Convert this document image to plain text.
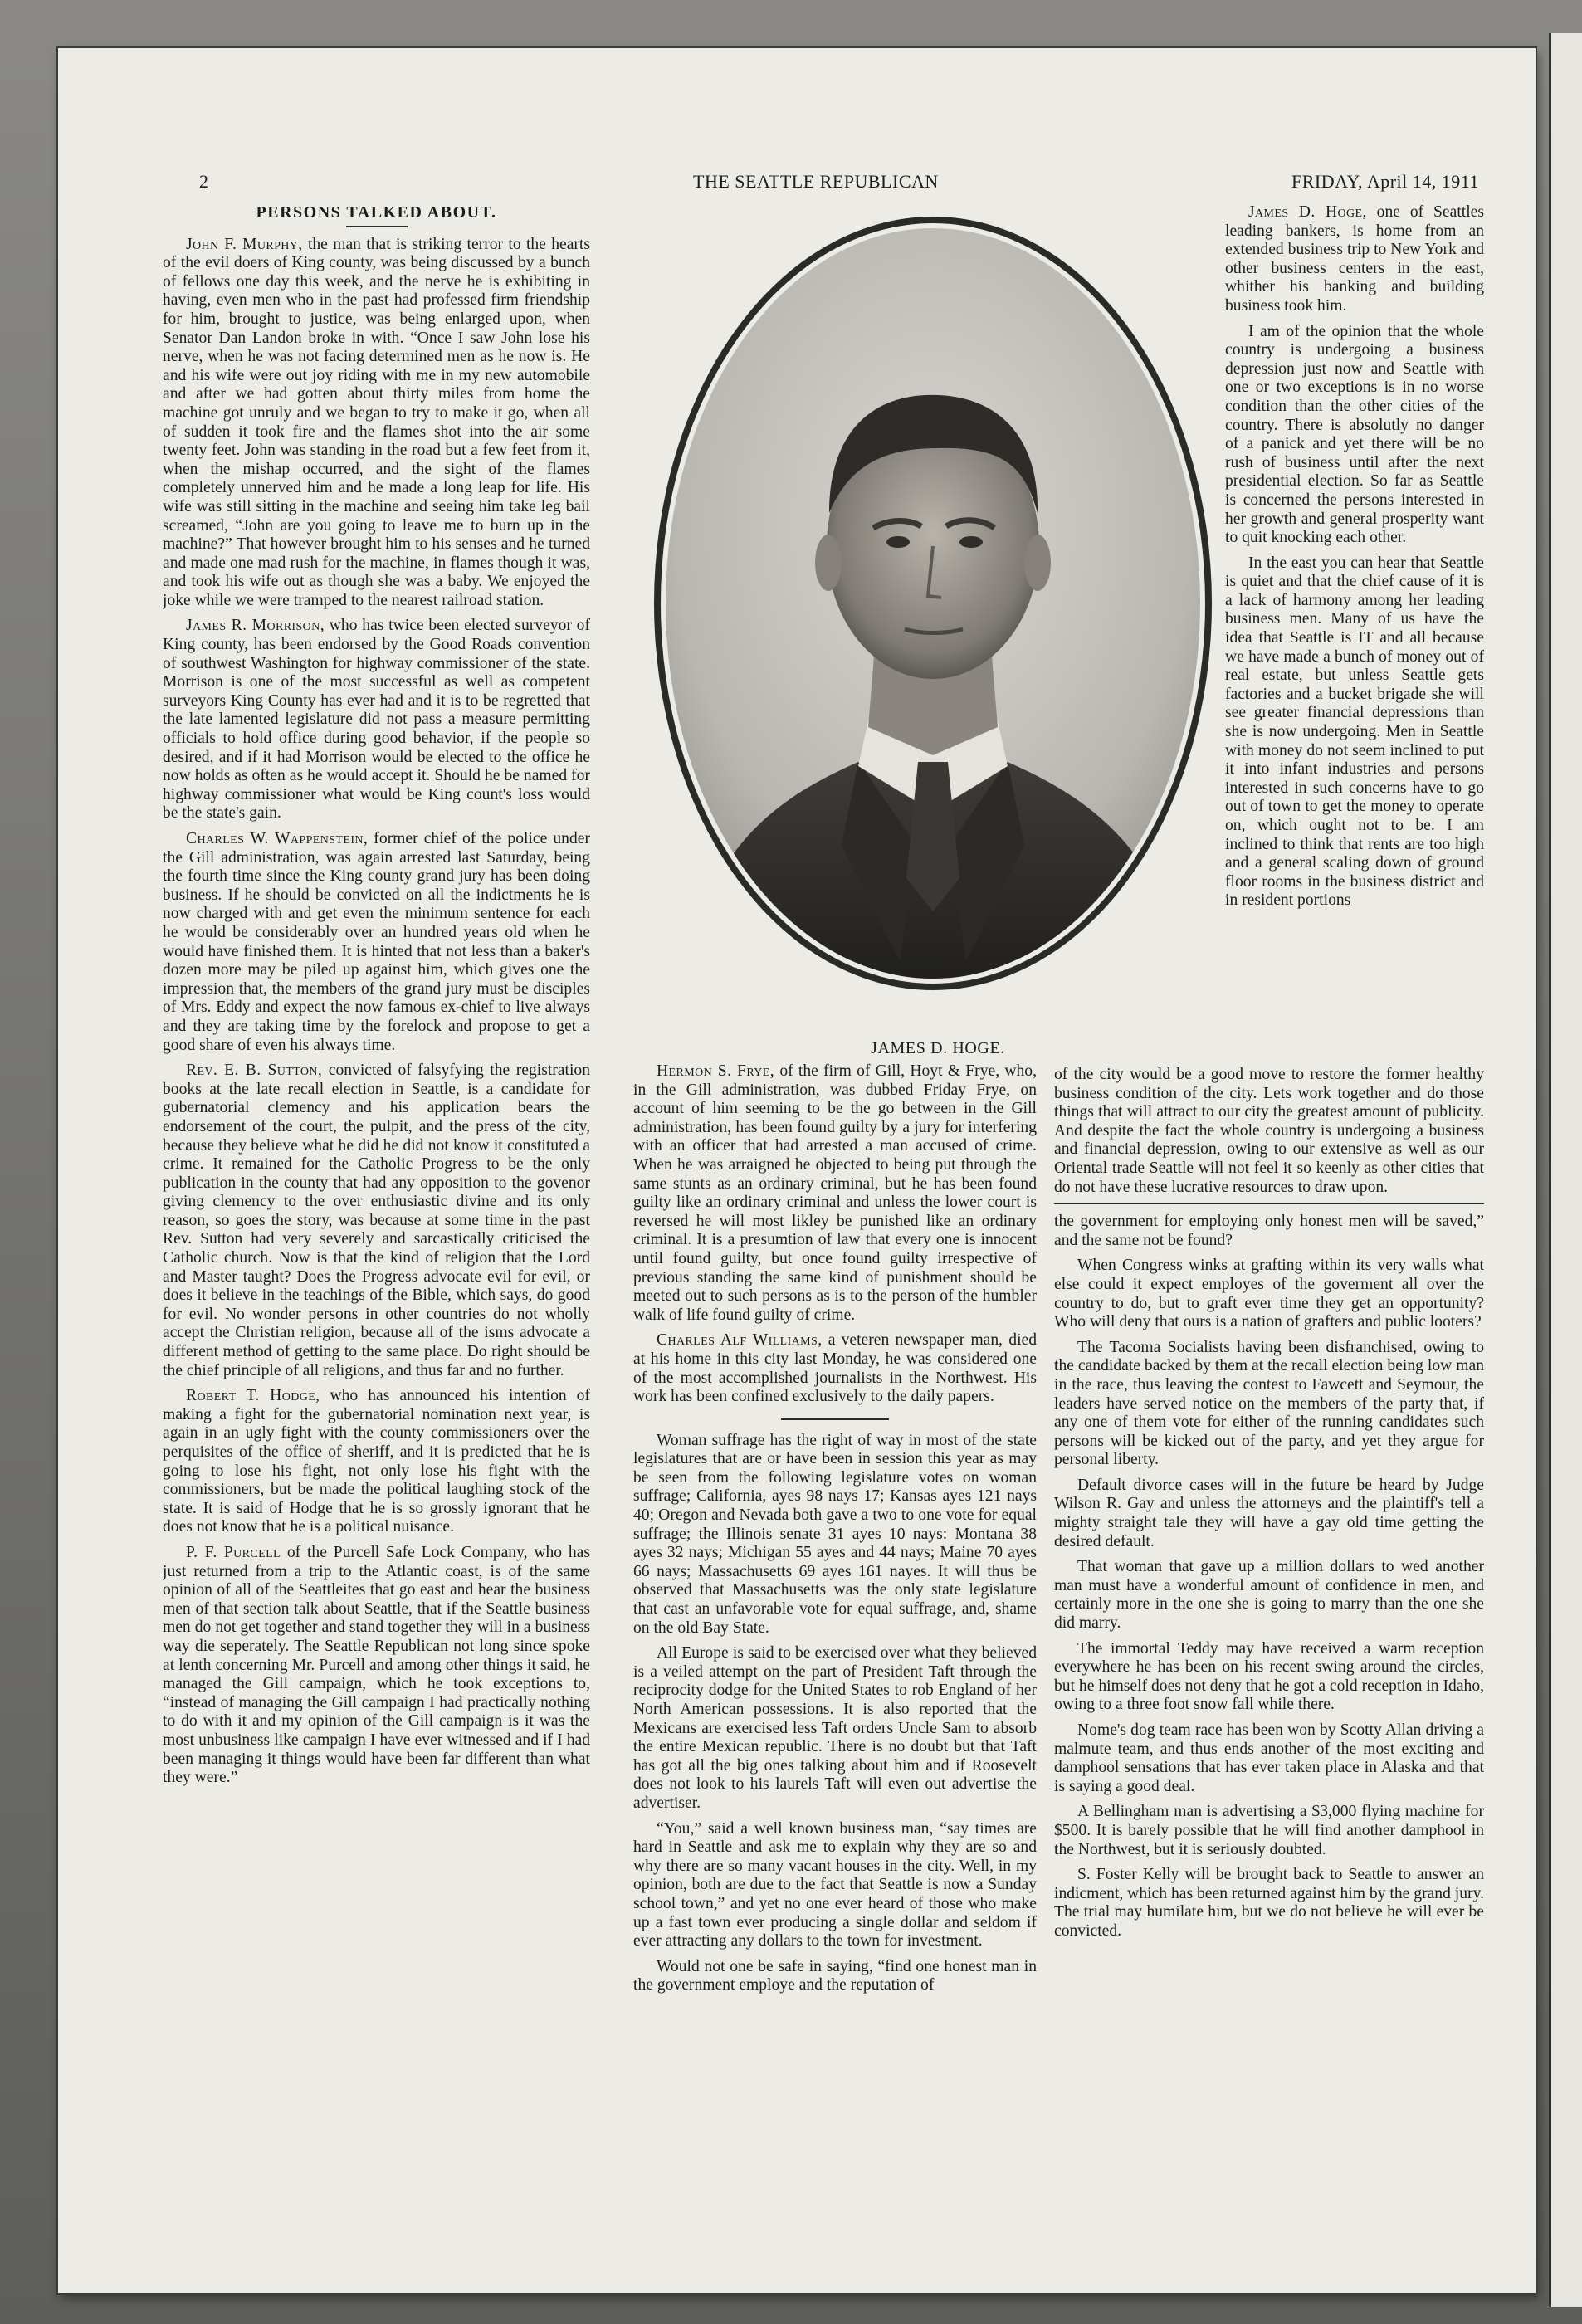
2	THE SEATTLE REPUBLICAN	FRIDAY, April 14, 1911
PERSONS TALKED ABOUT.

John F. Murphy, the man that is striking terror to the hearts of the evil doers of King county, was being discussed by a bunch of fellows one day this week, and the nerve he is exhibiting in having, even men who in the past had professed firm friendship for him, brought to justice, was being enlarged upon, when Senator Dan Landon broke in with. “Once I saw John lose his nerve, when he was not facing determined men as he now is. He and his wife were out joy riding with me in my new automobile and after we had gotten about thirty miles from home the machine got unruly and we began to try to make it go, when all of sudden it took fire and the flames shot into the air some twenty feet. John was standing in the road but a few feet from it, when the mishap occurred, and the sight of the flames completely unnerved him and he made a long leap for life. His wife was still sitting in the machine and seeing him take leg bail screamed, “John are you going to leave me to burn up in the machine?” That however brought him to his senses and he turned and made one mad rush for the machine, in flames though it was, and took his wife out as though she was a baby. We enjoyed the joke while we were tramped to the nearest railroad station.

James R. Morrison, who has twice been elected surveyor of King county, has been endorsed by the Good Roads convention of southwest Washington for highway commissioner of the state. Morrison is one of the most successful as well as competent surveyors King County has ever had and it is to be regretted that the late lamented legislature did not pass a measure permitting officials to hold office during good behavior, if the people so desired, and if it had Morrison would be elected to the office he now holds as often as he would accept it. Should he be named for highway commissioner what would be King count's loss would be the state's gain.

Charles W. Wappenstein, former chief of the police under the Gill administration, was again arrested last Saturday, being the fourth time since the King county grand jury has been doing business. If he should be convicted on all the indictments he is now charged with and get even the minimum sentence for each he would be considerably over an hundred years old when he would have finished them. It is hinted that not less than a baker's dozen more may be piled up against him, which gives one the impression that, the members of the grand jury must be disciples of Mrs. Eddy and expect the now famous ex-chief to live always and they are taking time by the forelock and propose to get a good share of even his always time.

Rev. E. B. Sutton, convicted of falsyfying the registration books at the late recall election in Seattle, is a candidate for gubernatorial clemency and his application bears the endorsement of the court, the pulpit, and the press of the city, because they believe what he did he did not know it constituted a crime. It remained for the Catholic Progress to be the only publication in the county that had any opposition to the govenor giving clemency to the over enthusiastic divine and its only reason, so goes the story, was because at some time in the past Rev. Sutton had very severely and sarcastically criticised the Catholic church. Now is that the kind of religion that the Lord and Master taught? Does the Progress advocate evil for evil, or does it believe in the teachings of the Bible, which says, do good for evil. No wonder persons in other countries do not wholly accept the Christian religion, because all of the isms advocate a different method of getting to the same place. Do right should be the chief principle of all religions, and thus far and no further.

Robert T. Hodge, who has announced his intention of making a fight for the gubernatorial nomination next year, is again in an ugly fight with the county commissioners over the perquisites of the office of sheriff, and it is predicted that he is going to lose his fight, not only lose his fight with the commissioners, but be made the political laughing stock of the state. It is said of Hodge that he is so grossly ignorant that he does not know that he is a political nuisance.

P. F. Purcell of the Purcell Safe Lock Company, who has just returned from a trip to the Atlantic coast, is of the same opinion of all of the Seattleites that go east and hear the business men of that section talk about Seattle, that if the Seattle business men do not get together and stand together they will in a business way die seperately. The Seattle Republican not long since spoke at lenth concerning Mr. Purcell and among other things it said, he managed the Gill campaign, which he took exceptions to, “instead of managing the Gill campaign I had practically nothing to do with it and my opinion of the Gill campaign is it was the most unbusiness like campaign I have ever witnessed and if I had been managing it things would have been far different than what they were.”

JAMES D. HOGE.

Hermon S. Frye, of the firm of Gill, Hoyt & Frye, who, in the Gill administration, was dubbed Friday Frye, on account of him seeming to be the go between in the Gill administration, has been found guilty by a jury for interfering with an officer that had arrested a man accused of crime. When he was arraigned he objected to being put through the same stunts as an ordinary criminal, but he has been found guilty like an ordinary criminal and unless the lower court is reversed he will most likley be punished like an ordinary criminal. It is a presumtion of law that every one is innocent until found guilty, but once found guilty irrespective of previous standing the same kind of punishment should be meeted out to such persons as is to the person of the humbler walk of life found guilty of crime.

Charles Alf Williams, a veteren newspaper man, died at his home in this city last Monday, he was considered one of the most accomplished journalists in the Northwest. His work has been confined exclusively to the daily papers.

Woman suffrage has the right of way in most of the state legislatures that are or have been in session this year as may be seen from the following legislature votes on woman suffrage; California, ayes 98 nays 17; Kansas ayes 121 nays 40; Oregon and Nevada both gave a two to one vote for equal suffrage; the Illinois senate 31 ayes 10 nays: Montana 38 ayes 32 nays; Michigan 55 ayes and 44 nays; Maine 70 ayes 66 nays; Massachusetts 69 ayes 161 nayes. It will thus be observed that Massachusetts was the only state legislature that cast an unfavorable vote for equal suffrage, and, shame on the old Bay State.

All Europe is said to be exercised over what they believed is a veiled attempt on the part of President Taft through the reciprocity dodge for the United States to rob England of her North American possessions. It is also reported that the Mexicans are exercised less Taft orders Uncle Sam to absorb the entire Mexican republic. There is no doubt but that Taft has got all the big ones talking about him and if Roosevelt does not look to his laurels Taft will even out advertise the advertiser.

“You,” said a well known business man, “say times are hard in Seattle and ask me to explain why they are so and why there are so many vacant houses in the city. Well, in my opinion, both are due to the fact that Seattle is now a Sunday school town,” and yet no one ever heard of those who make up a fast town ever producing a single dollar and seldom if ever attracting any dollars to the town for investment.

Would not one be safe in saying, “find one honest man in the government employe and the reputation of

James D. Hoge, one of Seattles leading bankers, is home from an extended business trip to New York and other business centers in the east, whither his banking and building business took him.

I am of the opinion that the whole country is undergoing a business depression just now and Seattle with one or two exceptions is in no worse condition than the other cities of the country. There is absolutly no danger of a panick and yet there will be no rush of business until after the next presidential election. So far as Seattle is concerned the persons interested in her growth and general prosperity want to quit knocking each other.

In the east you can hear that Seattle is quiet and that the chief cause of it is a lack of harmony among her leading business men. Many of us have the idea that Seattle is IT and all because we have made a bunch of money out of real estate, but unless Seattle gets factories and a bucket brigade she will see greater financial depressions than she is now undergoing. Men in Seattle with money do not seem inclined to put it into infant industries and persons interested in such concerns have to go out of town to get the money to operate on, which ought not to be. I am inclined to think that rents are too high and a general scaling down of ground floor rooms in the business district and in resident portions

of the city would be a good move to restore the former healthy business condition of the city. Lets work together and do those things that will attract to our city the greatest amount of publicity. And despite the fact the whole country is undergoing a business and financial depression, owing to our extensive as well as our Oriental trade Seattle will not feel it so keenly as other cities that do not have these lucrative resources to draw upon.

the government for employing only honest men will be saved,” and the same not be found?

When Congress winks at grafting within its very walls what else could it expect employes of the goverment all over the country to do, but to graft ever time they get an opportunity? Who will deny that ours is a nation of grafters and public looters?

The Tacoma Socialists having been disfranchised, owing to the candidate backed by them at the recall election being low man in the race, thus leaving the contest to Fawcett and Seymour, the leaders have served notice on the members of the party that, if any one of them vote for either of the running candidates such persons will be kicked out of the party, and yet they argue for personal liberty.

Default divorce cases will in the future be heard by Judge Wilson R. Gay and unless the attorneys and the plaintiff's tell a mighty straight tale they will have a gay old time getting the desired default.

That woman that gave up a million dollars to wed another man must have a wonderful amount of confidence in men, and certainly more in the one she is going to marry than the one she did marry.

The immortal Teddy may have received a warm reception everywhere he has been on his recent swing around the circles, but he himself does not deny that he got a cold reception in Idaho, owing to a three foot snow fall while there.

Nome's dog team race has been won by Scotty Allan driving a malmute team, and thus ends another of the most exciting and damphool sensations that has ever taken place in Alaska and that is saying a good deal.

A Bellingham man is advertising a $3,000 flying machine for $500. It is barely possible that he will find another damphool in the Northwest, but it is seriously doubted.

S. Foster Kelly will be brought back to Seattle to answer an indicment, which has been returned against him by the grand jury. The trial may humilate him, but we do not believe he will ever be convicted.
